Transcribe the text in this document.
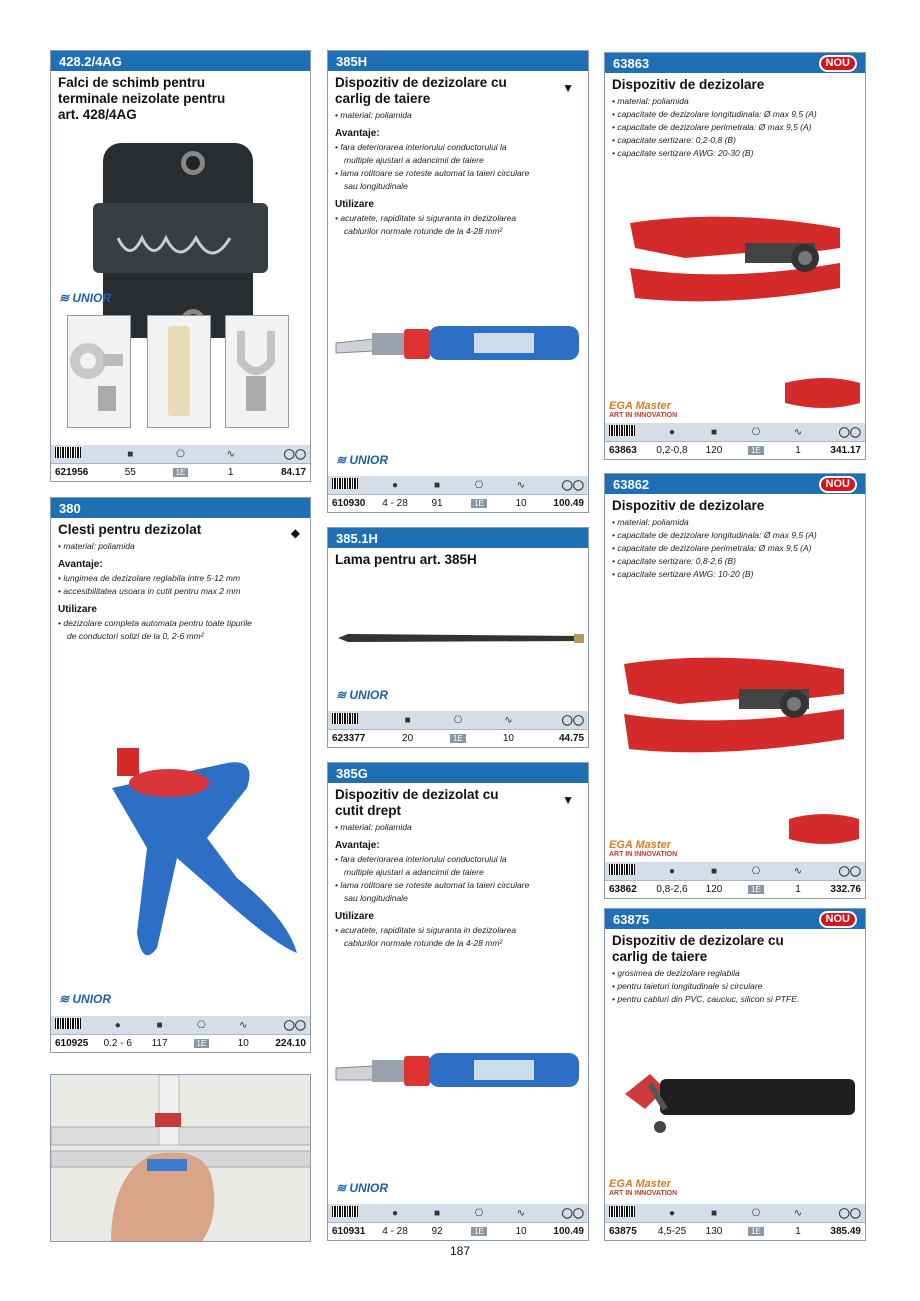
428.2/4AG
Falci de schimb pentru terminale neizolate pentru art. 428/4AG
≋ UNIOR
■	⎔	∿	◯◯
621956	55	1E	1	84.17
380
Clesti pentru dezizolat	◆
• material: poliamida
Avantaje:
• lungimea de dezizolare reglabila intre 5-12 mm
• accesibilitatea usoara in cutit pentru max 2 mm
Utilizare
• dezizolare completa automata pentru toate tipurile de conductori solizi de la 0, 2-6 mm²
≋ UNIOR
●	■	⎔	∿	◯◯
610925	0.2 - 6	117	1E	10	224.10
385H
Dispozitiv de dezizolare cu carlig de taiere
▼
• material: poliamida
Avantaje:
• fara deteriorarea interiorului conductorului la multiple ajustari a adancimii de taiere
• lama rotitoare se roteste automat la taieri circulare sau longitudinale
Utilizare
• acuratete, rapiditate si siguranta in dezizolarea cablurilor normale rotunde de la 4-28 mm²
≋ UNIOR
●	■	⎔	∿	◯◯
610930	4 - 28	91	1E	10	100.49
385.1H
Lama pentru art. 385H
≋ UNIOR
■	⎔	∿	◯◯
623377	20	1E	10	44.75
385G
Dispozitiv de dezizolat cu cutit drept
▼
• material: poliamida
Avantaje:
• fara deteriorarea interiorului conductorului la multiple ajustari a adancimii de taiere
• lama rotitoare se roteste automat la taieri circulare sau longitudinale
Utilizare
• acuratete, rapiditate si siguranta in dezizolarea cablurilor normale rotunde de la 4-28 mm²
≋ UNIOR
●	■	⎔	∿	◯◯
610931	4 - 28	92	1E	10	100.49
63863	NOU
Dispozitiv de dezizolare
• material: poliamida
• capacitate de dezizolare longitudinala: Ø max 9,5 (A)
• capacitate de dezizolare perimetrala: Ø max 9,5 (A)
• capacitate sertizare: 0,2-0,8 (B)
• capacitate sertizare AWG: 20-30 (B)
EGA Master
ART IN INNOVATION
●	■	⎔	∿	◯◯
63863	0,2-0,8	120	1E	1	341.17
63862	NOU
Dispozitiv de dezizolare
• material: poliamida
• capacitate de dezizolare longitudinala: Ø max 9,5 (A)
• capacitate de dezizolare perimetrala: Ø max 9,5 (A)
• capacitate sertizare: 0,8-2,6 (B)
• capacitate sertizare AWG: 10-20 (B)
EGA Master
ART IN INNOVATION
●	■	⎔	∿	◯◯
63862	0,8-2,6	120	1E	1	332.76
63875	NOU
Dispozitiv de dezizolare cu carlig de taiere
• grosimea de dezizolare reglabila
• pentru taieturi longitudinale si circulare
• pentru cabluri din PVC, cauciuc, silicon si PTFE.
EGA Master
ART IN INNOVATION
●	■	⎔	∿	◯◯
63875	4,5-25	130	1E	1	385.49
187
